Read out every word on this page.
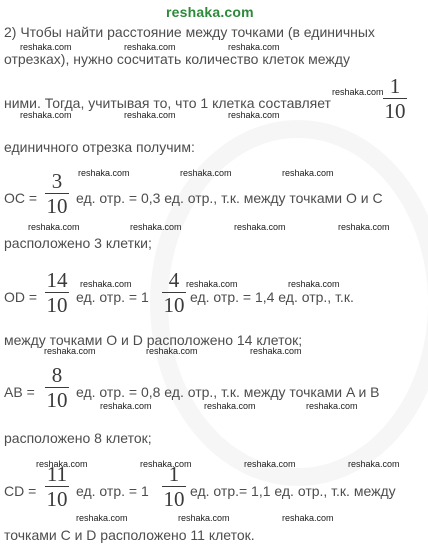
reshaka.com
2) Чтобы найти расстояние между точками (в единичных
отрезках), нужно сосчитать количество клеток между
ними. Тогда, учитывая то, что 1 клетка составляет
1
10
единичного отрезка получим:
OC =
3
10 ед. отр. = 0,3 ед. отр., т.к. между точками O и C
расположено 3 клетки;
OD =
14
10 ед. отр. = 1
4
10 ед. отр. = 1,4 ед. отр., т.к.
между точками O и D расположено 14 клеток;
AB =
8
10 ед. отр. = 0,8 ед. отр., т.к. между точками A и B
расположено 8 клеток;
CD =
11
10 ед. отр. = 1
1
10 ед. отр.= 1,1 ед. отр., т.к. между
точками C и D расположено 11 клеток.
reshaka.com	reshaka.com	reshaka.com
reshaka.com
reshaka.com	reshaka.com	reshaka.com
reshaka.com	reshaka.com	reshaka.com
reshaka.com	reshaka.com	reshaka.com	reshaka.com
reshaka.com	reshaka.com	reshaka.com
reshaka.com	reshaka.com	reshaka.com
reshaka.com	reshaka.com	reshaka.com
reshaka.com	reshaka.com	reshaka.com	reshaka.com
reshaka.com	reshaka.com	reshaka.com
